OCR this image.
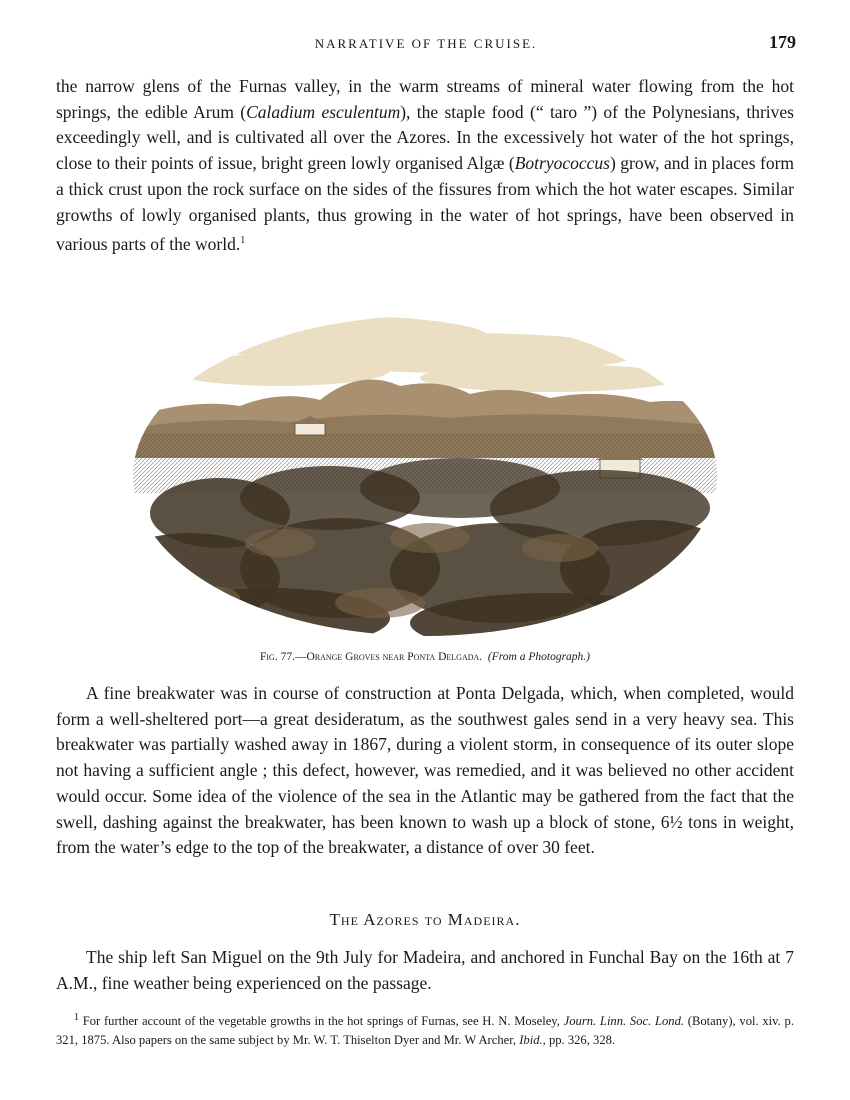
NARRATIVE OF THE CRUISE.	179

the narrow glens of the Furnas valley, in the warm streams of mineral water flowing from the hot springs, the edible Arum (Caladium esculentum), the staple food (“ taro ”) of the Polynesians, thrives exceedingly well, and is cultivated all over the Azores. In the excessively hot water of the hot springs, close to their points of issue, bright green lowly organised Algæ (Botryococcus) grow, and in places form a thick crust upon the rock surface on the sides of the fissures from which the hot water escapes. Similar growths of lowly organised plants, thus growing in the water of hot springs, have been observed in various parts of the world.$^1$

Fig. 77.—Orange Groves near Ponta Delgada. (From a Photograph.)

A fine breakwater was in course of construction at Ponta Delgada, which, when completed, would form a well-sheltered port—a great desideratum, as the southwest gales send in a very heavy sea. This breakwater was partially washed away in 1867, during a violent storm, in consequence of its outer slope not having a sufficient angle ; this defect, however, was remedied, and it was believed no other accident would occur. Some idea of the violence of the sea in the Atlantic may be gathered from the fact that the swell, dashing against the breakwater, has been known to wash up a block of stone, 6½ tons in weight, from the water’s edge to the top of the breakwater, a distance of over 30 feet.

The Azores to Madeira.

The ship left San Miguel on the 9th July for Madeira, and anchored in Funchal Bay on the 16th at 7 A.M., fine weather being experienced on the passage.

$^1$ For further account of the vegetable growths in the hot springs of Furnas, see H. N. Moseley, Journ. Linn. Soc. Lond. (Botany), vol. xiv. p. 321, 1875. Also papers on the same subject by Mr. W. T. Thiselton Dyer and Mr. W Archer, Ibid., pp. 326, 328.
